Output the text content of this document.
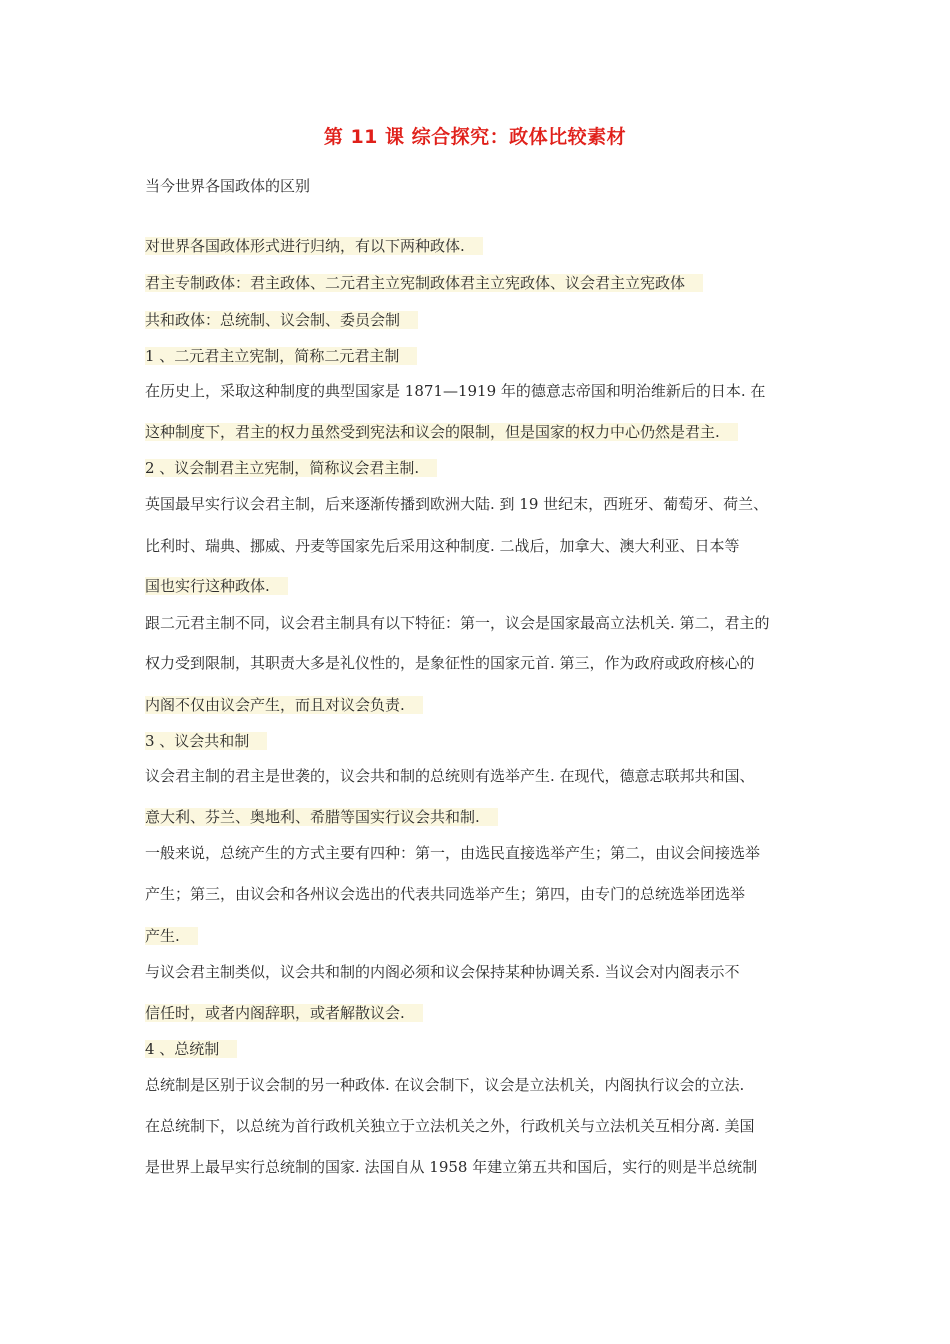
第 11 课 综合探究：政体比较素材
当今世界各国政体的区别
对世界各国政体形式进行归纳，有以下两种政体.
君主专制政体：君主政体、二元君主立宪制政体君主立宪政体、议会君主立宪政体
共和政体：总统制、议会制、委员会制
1 、二元君主立宪制，简称二元君主制
在历史上，采取这种制度的典型国家是 1871—1919 年的德意志帝国和明治维新后的日本. 在
这种制度下，君主的权力虽然受到宪法和议会的限制，但是国家的权力中心仍然是君主.
2 、议会制君主立宪制，简称议会君主制.
英国最早实行议会君主制，后来逐渐传播到欧洲大陆. 到 19 世纪末，西班牙、葡萄牙、荷兰、
比利时、瑞典、挪威、丹麦等国家先后采用这种制度. 二战后，加拿大、澳大利亚、日本等
国也实行这种政体.
跟二元君主制不同，议会君主制具有以下特征：第一，议会是国家最高立法机关. 第二，君主的
权力受到限制，其职责大多是礼仪性的，是象征性的国家元首. 第三，作为政府或政府核心的
内阁不仅由议会产生，而且对议会负责.
3 、议会共和制
议会君主制的君主是世袭的，议会共和制的总统则有选举产生. 在现代，德意志联邦共和国、
意大利、芬兰、奥地利、希腊等国实行议会共和制.
一般来说，总统产生的方式主要有四种：第一，由选民直接选举产生；第二，由议会间接选举
产生；第三，由议会和各州议会选出的代表共同选举产生；第四，由专门的总统选举团选举
产生.
与议会君主制类似，议会共和制的内阁必须和议会保持某种协调关系. 当议会对内阁表示不
信任时，或者内阁辞职，或者解散议会.
4 、总统制
总统制是区别于议会制的另一种政体. 在议会制下，议会是立法机关，内阁执行议会的立法.
在总统制下，以总统为首行政机关独立于立法机关之外，行政机关与立法机关互相分离. 美国
是世界上最早实行总统制的国家. 法国自从 1958 年建立第五共和国后，实行的则是半总统制
